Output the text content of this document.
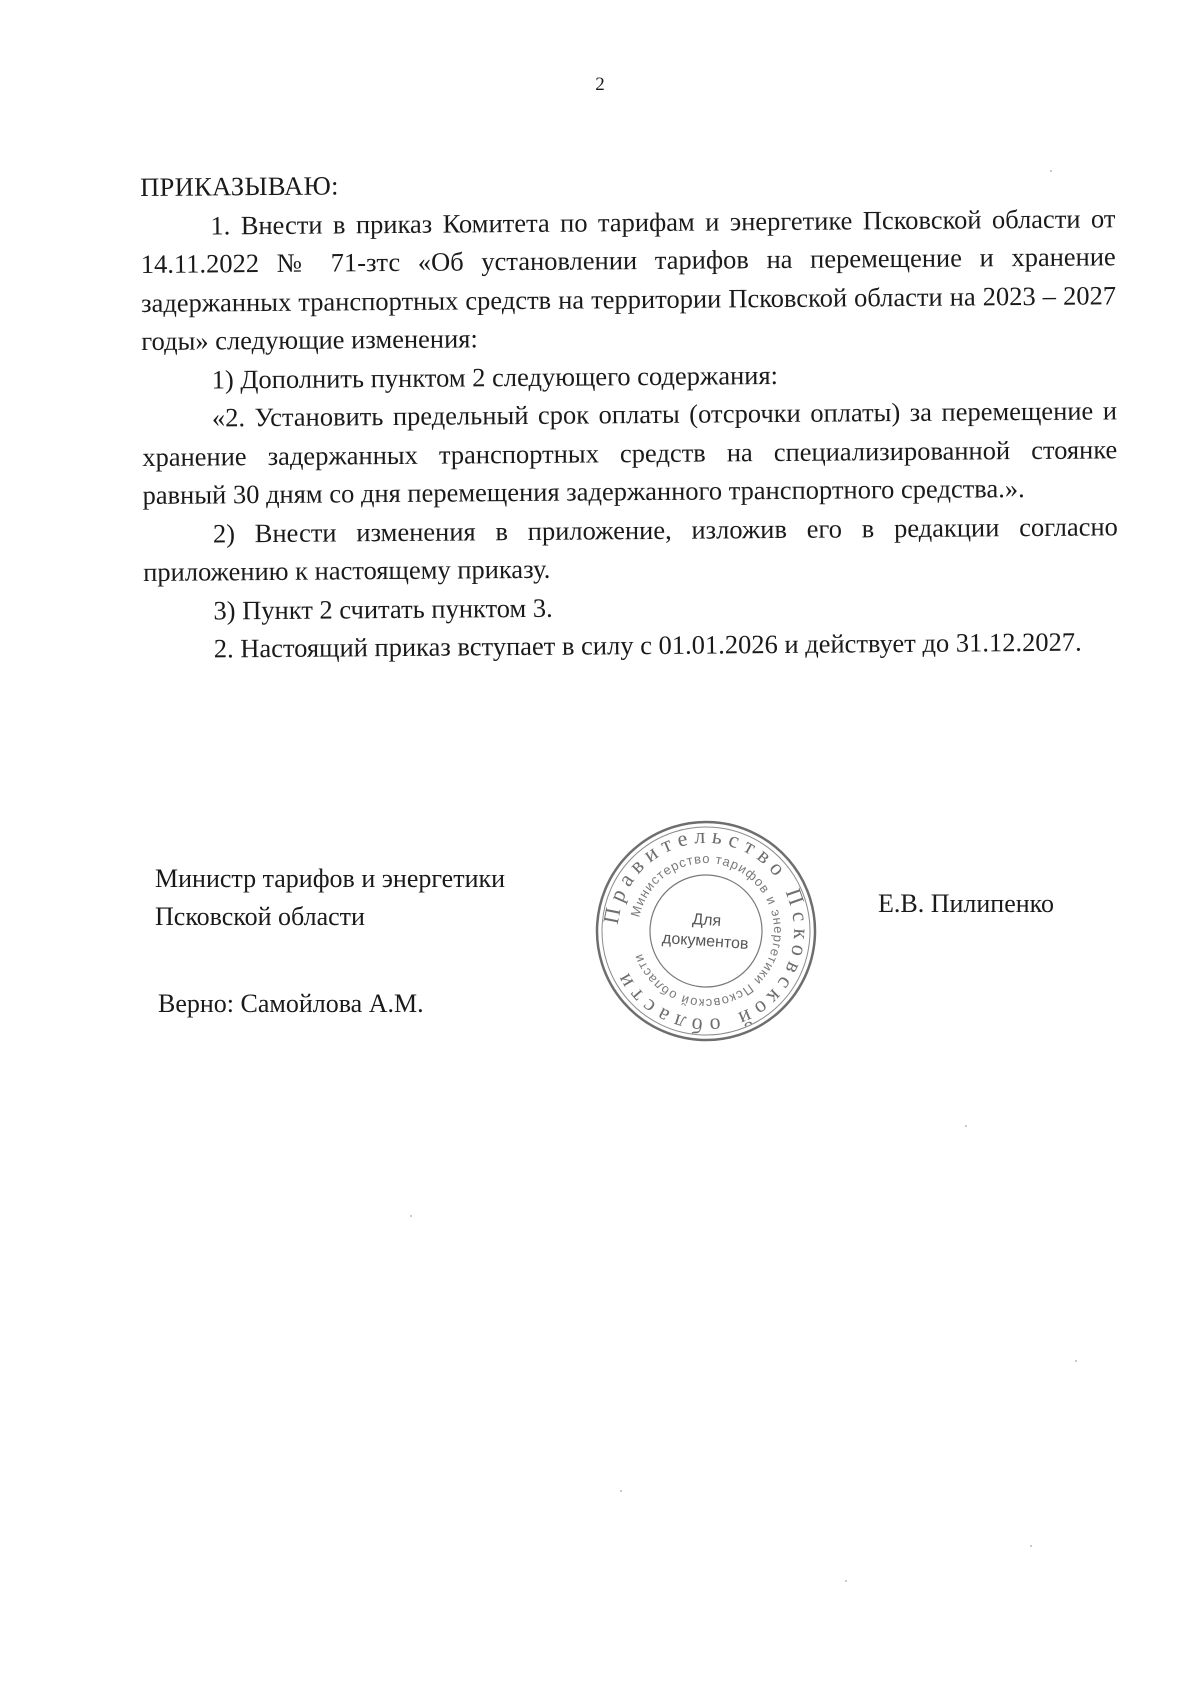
2

ПРИКАЗЫВАЮ:

1. Внести в приказ Комитета по тарифам и энергетике Псковской области от 14.11.2022 № 71-зтс «Об установлении тарифов на перемещение и хранение задержанных транспортных средств на территории Псковской области на 2023 – 2027 годы» следующие изменения:

1) Дополнить пунктом 2 следующего содержания:

«2. Установить предельный срок оплаты (отсрочки оплаты) за перемещение и хранение задержанных транспортных средств на специализированной стоянке равный 30 дням со дня перемещения задержанного транспортного средства.».

2) Внести изменения в приложение, изложив его в редакции согласно приложению к настоящему приказу.

3) Пункт 2 считать пунктом 3.

2. Настоящий приказ вступает в силу с 01.01.2026 и действует до 31.12.2027.

Министр тарифов и энергетики
Псковской области	Е.В. Пилипенко
Верно: Самойлова А.М.
Правительство Псковской области
Министерство тарифов и энергетики Псковской области
Для
документов
